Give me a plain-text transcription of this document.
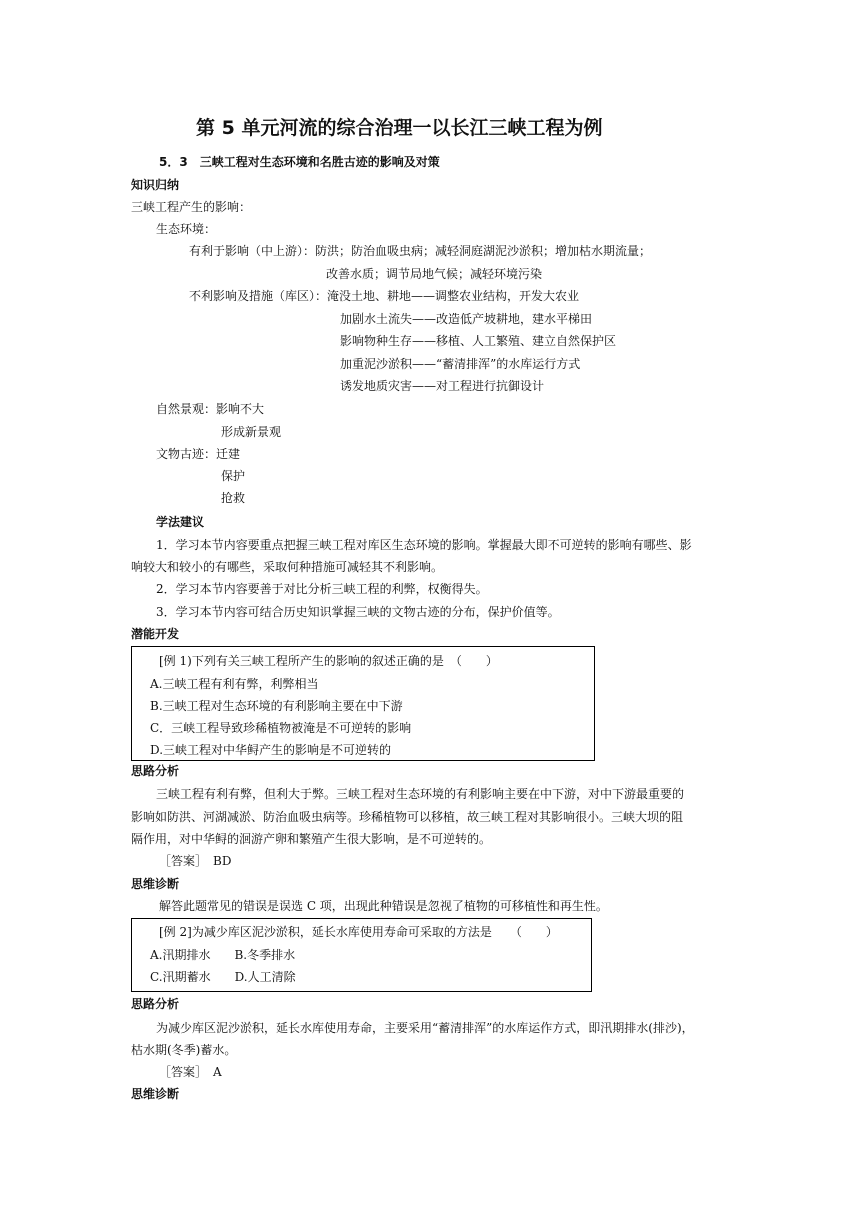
第 5 单元河流的综合治理一以长江三峡工程为例
5．3　三峡工程对生态环境和名胜古迹的影响及对策
知识归纳
三峡工程产生的影响：
生态环境：
有利于影响（中上游）：防洪；防治血吸虫病；减轻洞庭湖泥沙淤积；增加枯水期流量；
改善水质；调节局地气候；减轻环境污染
不利影响及措施（库区）：淹没土地、耕地——调整农业结构，开发大农业
加剧水土流失——改造低产坡耕地，建水平梯田
影响物种生存——移植、人工繁殖、建立自然保护区
加重泥沙淤积——“蓄清排浑”的水库运行方式
诱发地质灾害——对工程进行抗御设计
自然景观：影响不大
形成新景观
文物古迹：迁建
保护
抢救
学法建议
1．学习本节内容要重点把握三峡工程对库区生态环境的影响。掌握最大即不可逆转的影响有哪些、影
响较大和较小的有哪些，采取何种措施可减轻其不利影响。
2．学习本节内容要善于对比分析三峡工程的利弊，权衡得失。
3．学习本节内容可结合历史知识掌握三峡的文物古迹的分布，保护价值等。
潜能开发
[例 1)下列有关三峡工程所产生的影响的叙述正确的是　（　　）
A.三峡工程有利有弊，利弊相当
B.三峡工程对生态环境的有利影响主要在中下游
C．三峡工程导致珍稀植物被淹是不可逆转的影响
D.三峡工程对中华鲟产生的影响是不可逆转的
思路分析
三峡工程有利有弊，但利大于弊。三峡工程对生态环境的有利影响主要在中下游，对中下游最重要的
影响如防洪、河湖减淤、防治血吸虫病等。珍稀植物可以移植，故三峡工程对其影响很小。三峡大坝的阻
隔作用，对中华鲟的洄游产卵和繁殖产生很大影响，是不可逆转的。
［答案］　BD
思维诊断
解答此题常见的错误是误选 C 项，出现此种错误是忽视了植物的可移植性和再生性。
[例 2]为减少库区泥沙淤积，延长水库使用寿命可采取的方法是　　（　　）
A.汛期排水　　B.冬季排水
C.汛期蓄水　　D.人工清除
思路分析
为减少库区泥沙淤积，延长水库使用寿命，主要采用“蓄清排浑”的水库运作方式，即汛期排水(排沙)，
枯水期(冬季)蓄水。
［答案］　A
思维诊断
